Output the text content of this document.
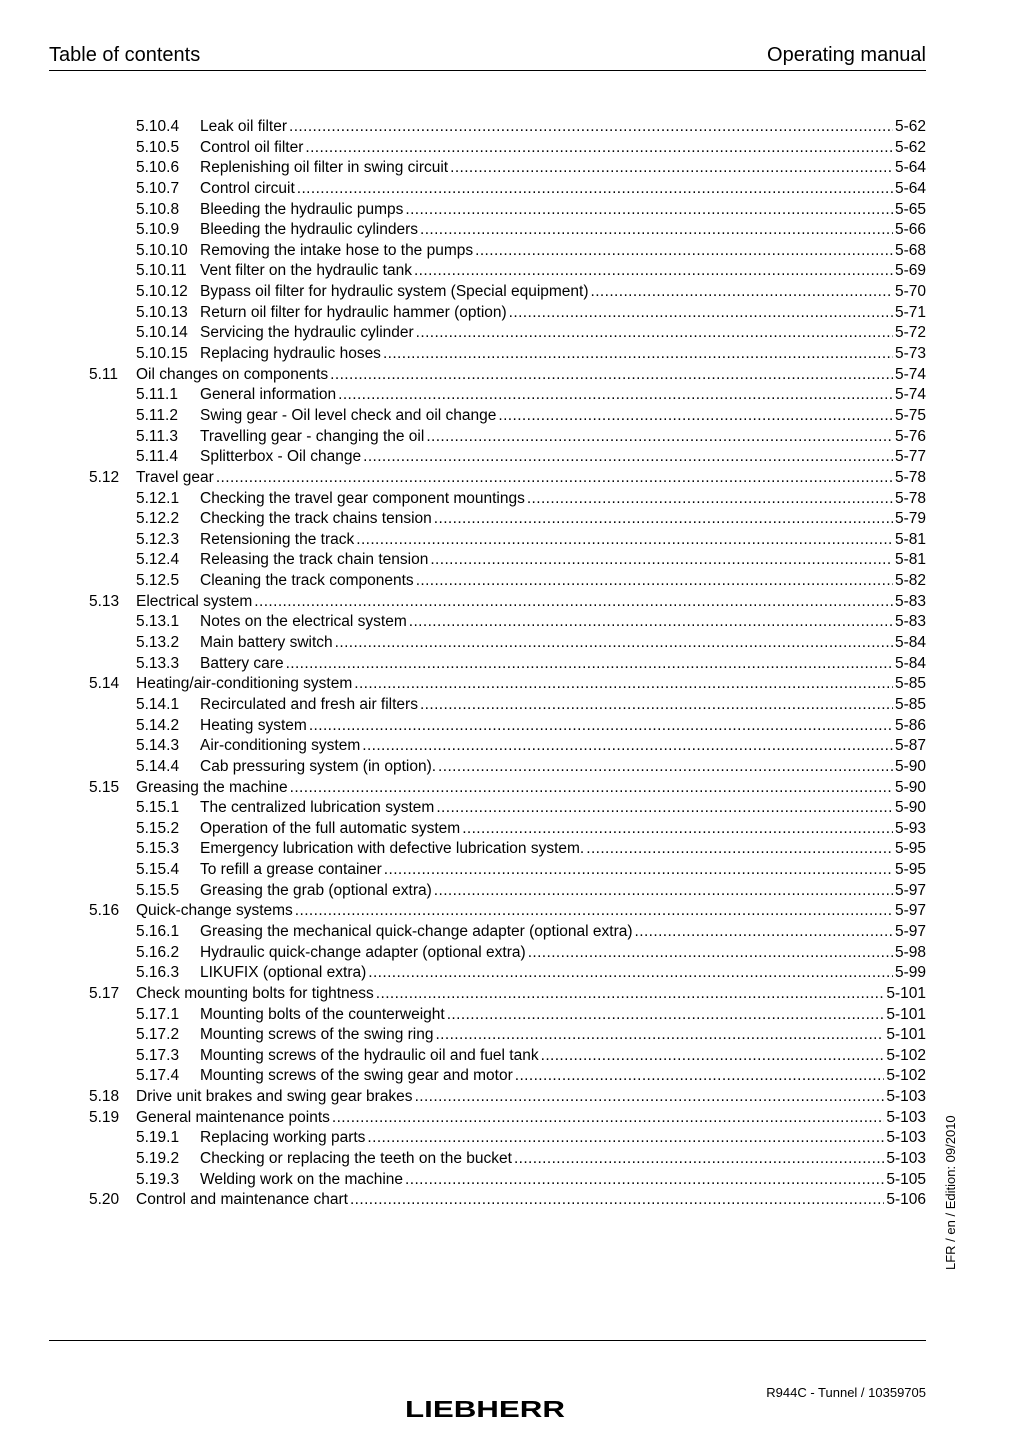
Table of contents	Operating manual
5.10.4	Leak oil filter .....	5-62
5.10.5	Control oil filter .....	5-62
5.10.6	Replenishing oil filter in swing circuit .....	5-64
5.10.7	Control circuit .....	5-64
5.10.8	Bleeding the hydraulic pumps .....	5-65
5.10.9	Bleeding the hydraulic cylinders .....	5-66
5.10.10 Removing the intake hose to the pumps .....	5-68
5.10.11 Vent filter on the hydraulic tank .....	5-69
5.10.12 Bypass oil filter for hydraulic system (Special equipment) .....	5-70
5.10.13 Return oil filter for hydraulic hammer (option) .....	5-71
5.10.14 Servicing the hydraulic cylinder .....	5-72
5.10.15 Replacing hydraulic hoses .....	5-73
5.11 Oil changes on components .....	5-74
5.11.1	General information .....	5-74
5.11.2	Swing gear - Oil level check and oil change .....	5-75
5.11.3	Travelling gear - changing the oil .....	5-76
5.11.4	Splitterbox - Oil change .....	5-77
5.12 Travel gear .....	5-78
5.12.1	Checking the travel gear component mountings .....	5-78
5.12.2	Checking the track chains tension .....	5-79
5.12.3	Retensioning the track .....	5-81
5.12.4	Releasing the track chain tension .....	5-81
5.12.5	Cleaning the track components .....	5-82
5.13 Electrical system .....	5-83
5.13.1	Notes on the electrical system .....	5-83
5.13.2	Main battery switch .....	5-84
5.13.3	Battery care .....	5-84
5.14 Heating/air-conditioning system .....	5-85
5.14.1	Recirculated and fresh air filters .....	5-85
5.14.2	Heating system .....	5-86
5.14.3	Air-conditioning system .....	5-87
5.14.4	Cab pressuring system (in option). .....	5-90
5.15 Greasing the machine .....	5-90
5.15.1	The centralized lubrication system .....	5-90
5.15.2	Operation of the full automatic system .....	5-93
5.15.3	Emergency lubrication with defective lubrication system. .....	5-95
5.15.4	To refill a grease container .....	5-95
5.15.5	Greasing the grab (optional extra) .....	5-97
5.16 Quick-change systems .....	5-97
5.16.1	Greasing the mechanical quick-change adapter (optional extra) .....	5-97
5.16.2	Hydraulic quick-change adapter (optional extra) .....	5-98
5.16.3	LIKUFIX (optional extra) .....	5-99
5.17 Check mounting bolts for tightness .....	5-101
5.17.1	Mounting bolts of the counterweight .....	5-101
5.17.2	Mounting screws of the swing ring .....	5-101
5.17.3	Mounting screws of the hydraulic oil and fuel tank .....	5-102
5.17.4	Mounting screws of the swing gear and motor .....	5-102
5.18 Drive unit brakes and swing gear brakes .....	5-103
5.19 General maintenance points .....	5-103
5.19.1	Replacing working parts .....	5-103
5.19.2	Checking or replacing the teeth on the bucket .....	5-103
5.19.3	Welding work on the machine .....	5-105
5.20 Control and maintenance chart .....	5-106 LFR / en / Edition: 09/2010
LIEBHERR
R944C - Tunnel / 10359705
